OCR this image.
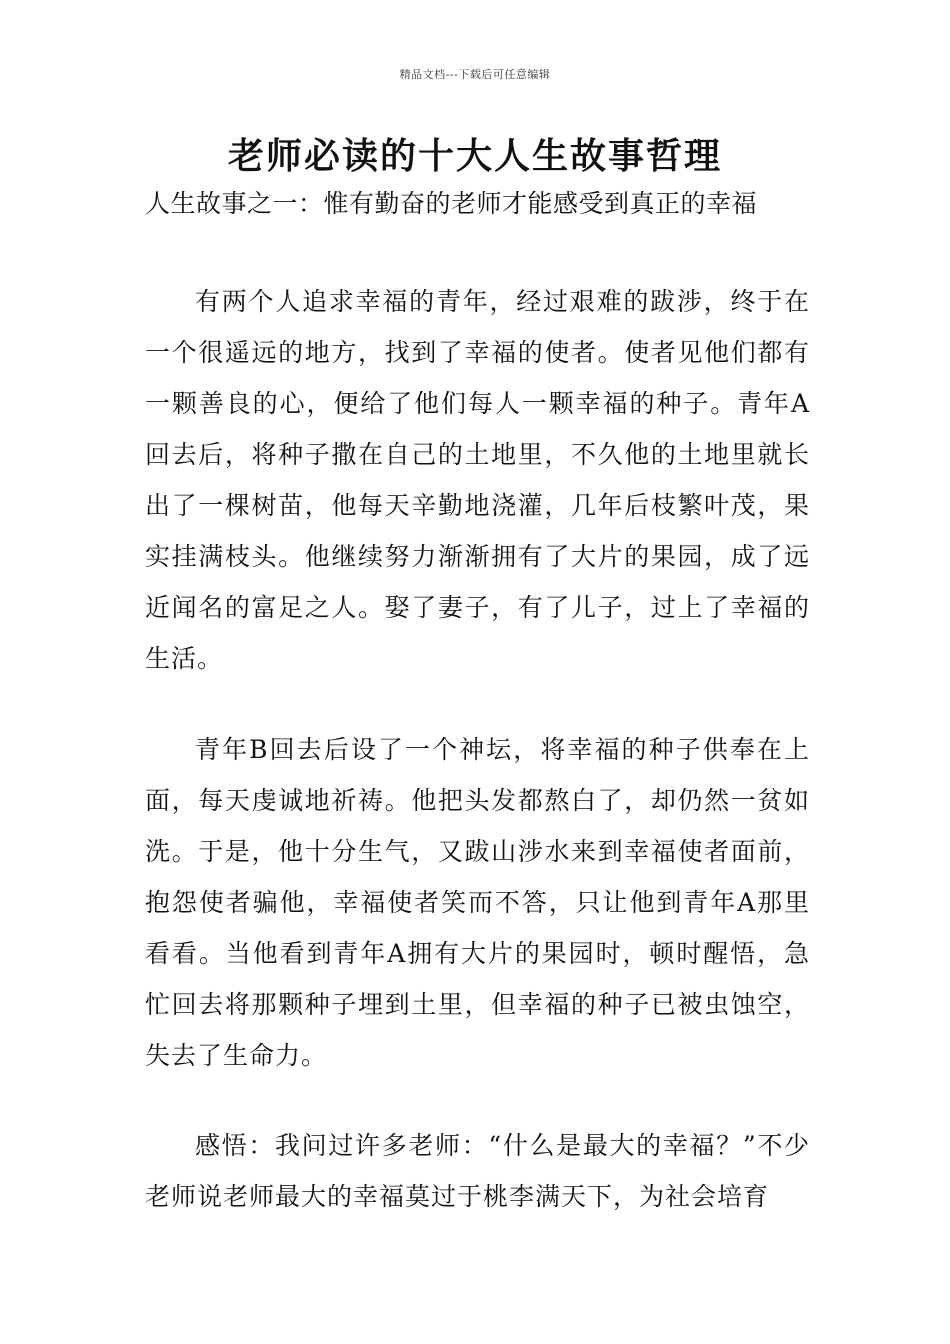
精品文档---下载后可任意编辑
老师必读的十大人生故事哲理
人生故事之一：惟有勤奋的老师才能感受到真正的幸福

有两个人追求幸福的青年，经过艰难的跋涉，终于在一个很遥远的地方，找到了幸福的使者。使者见他们都有一颗善良的心，便给了他们每人一颗幸福的种子。青年A回去后，将种子撒在自己的土地里，不久他的土地里就长出了一棵树苗，他每天辛勤地浇灌，几年后枝繁叶茂，果实挂满枝头。他继续努力渐渐拥有了大片的果园，成了远近闻名的富足之人。娶了妻子，有了儿子，过上了幸福的生活。

青年B回去后设了一个神坛，将幸福的种子供奉在上面，每天虔诚地祈祷。他把头发都熬白了，却仍然一贫如洗。于是，他十分生气，又跋山涉水来到幸福使者面前，抱怨使者骗他，幸福使者笑而不答，只让他到青年A那里看看。当他看到青年A拥有大片的果园时，顿时醒悟，急忙回去将那颗种子埋到土里，但幸福的种子已被虫蚀空，失去了生命力。

感悟：我问过许多老师：“什么是最大的幸福？”不少老师说老师最大的幸福莫过于桃李满天下，为社会培育
